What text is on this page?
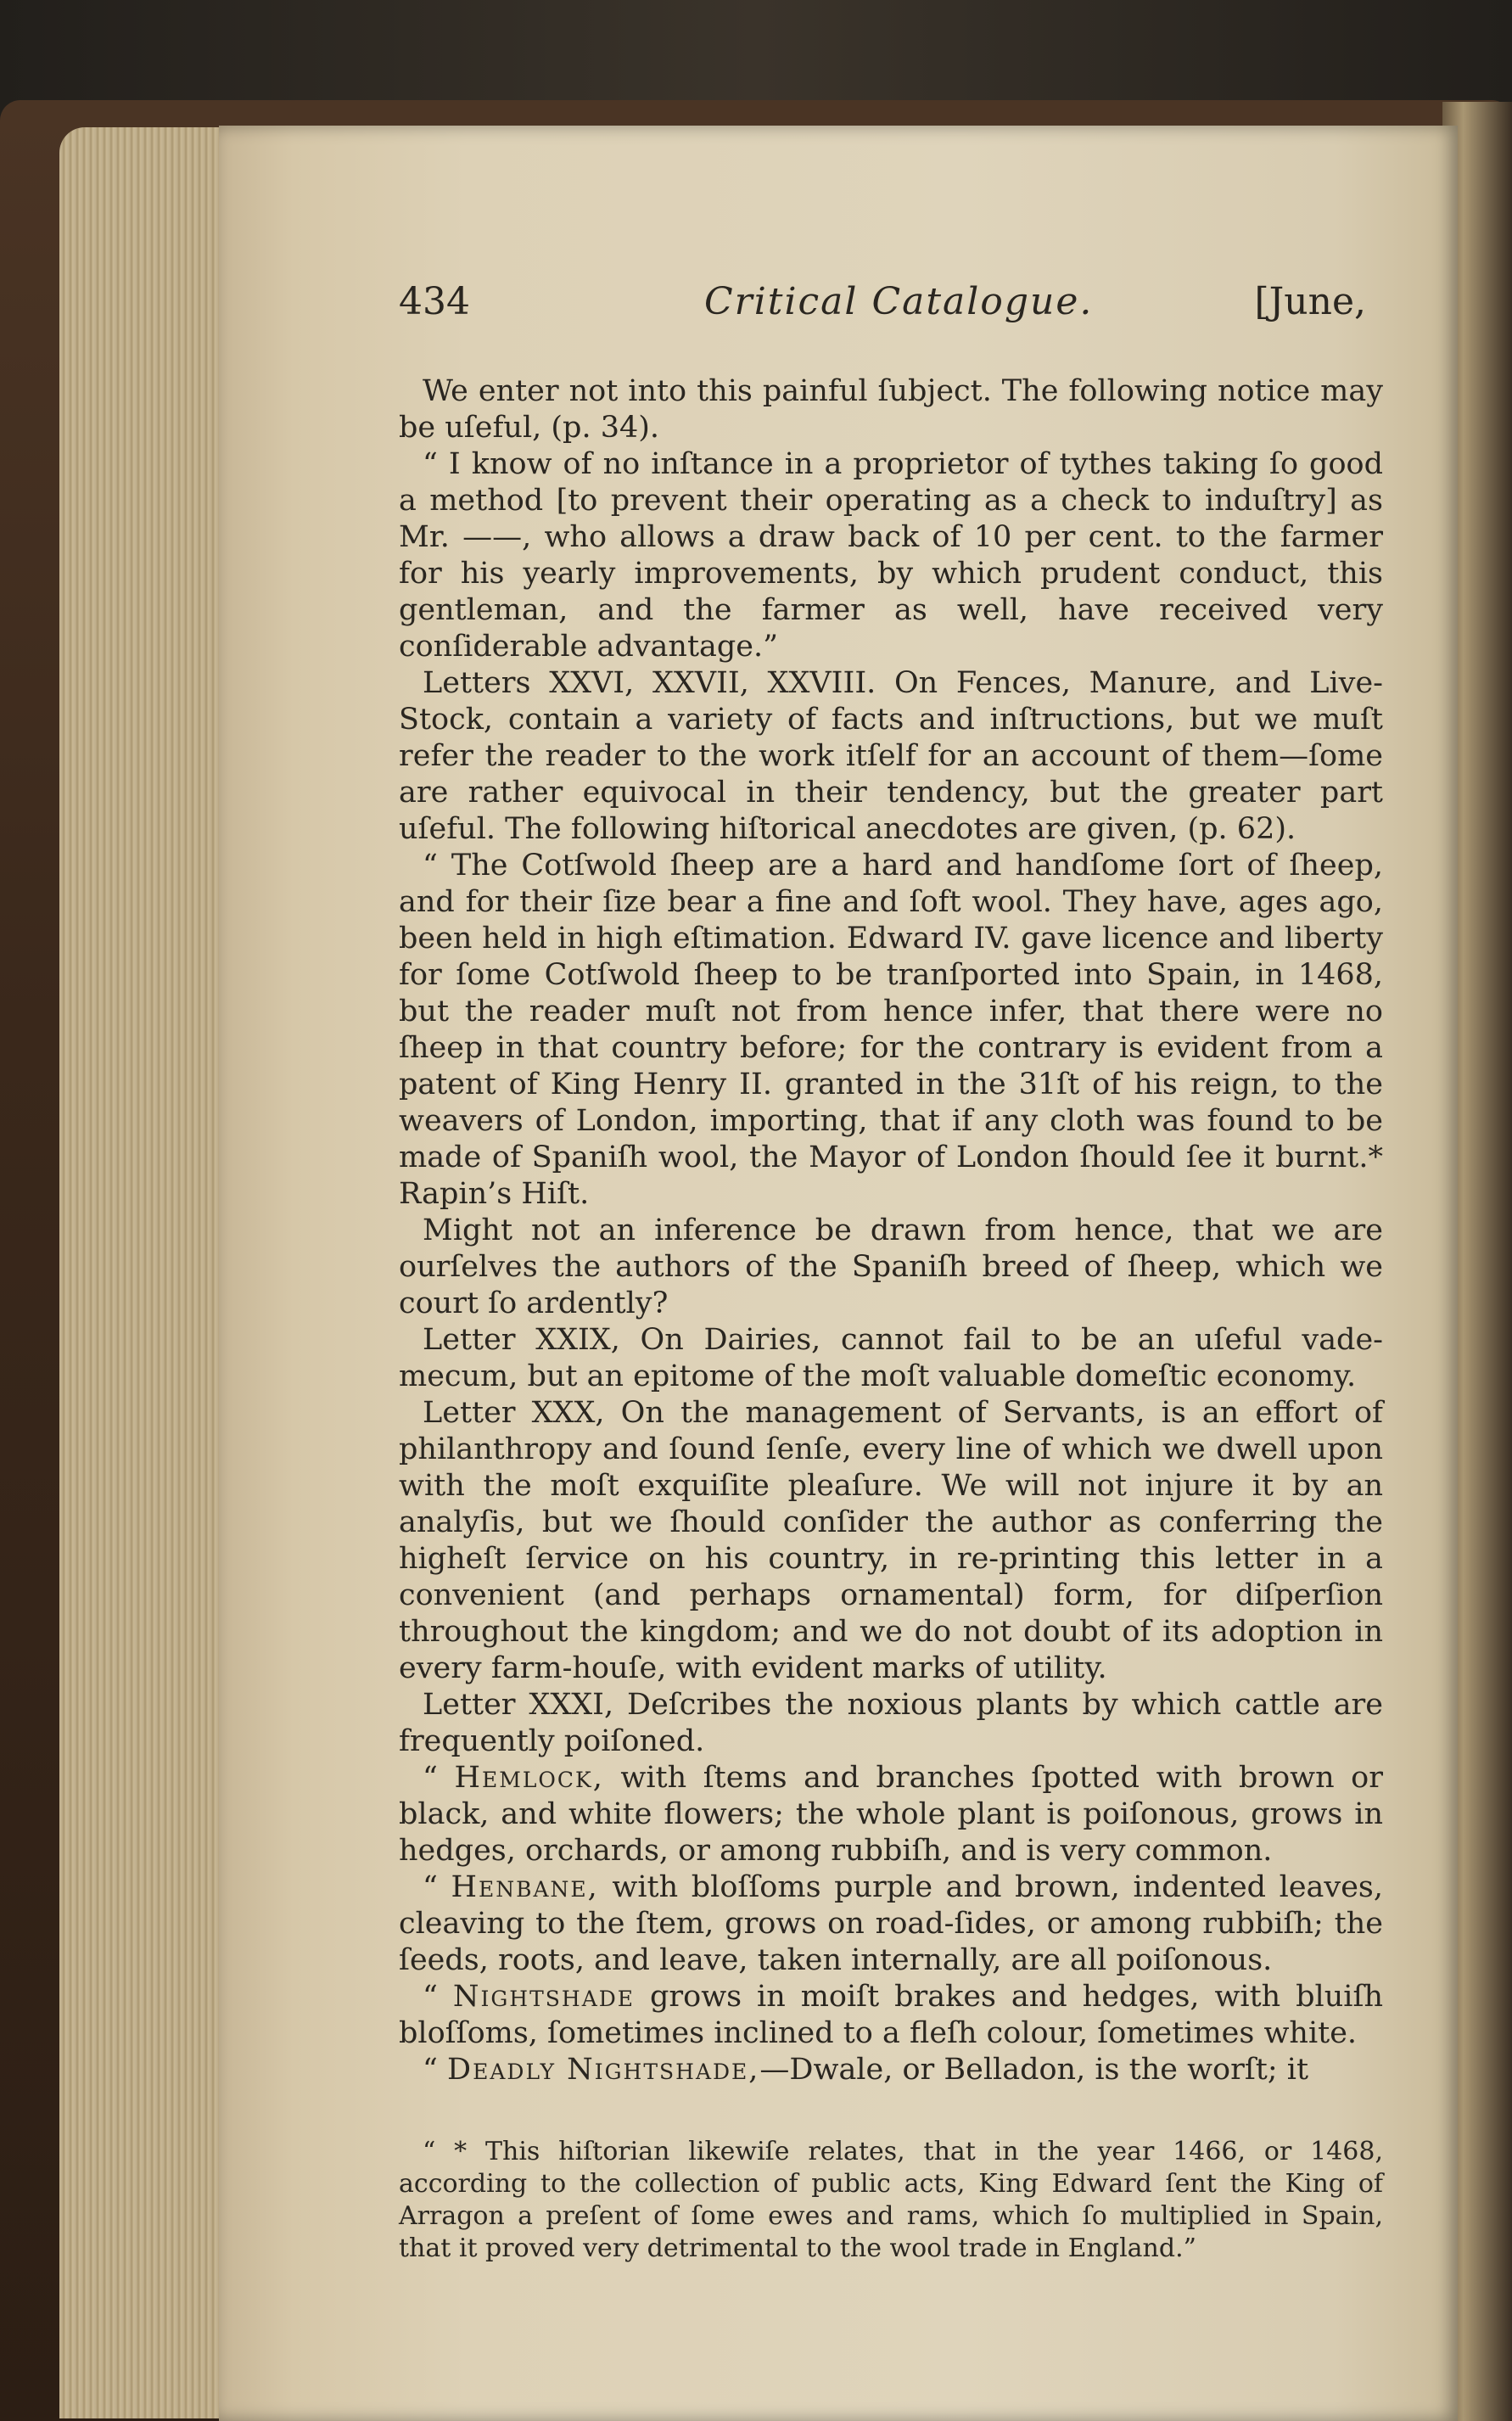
434	Critical Catalogue.	[June,

We enter not into this painful ſubject. The following notice may be uſeful, (p. 34).

“ I know of no inſtance in a proprietor of tythes taking ſo good a method [to prevent their operating as a check to induſtry] as Mr. ——, who allows a draw back of 10 per cent. to the farmer for his yearly improvements, by which prudent conduct, this gentleman, and the farmer as well, have received very conſiderable advantage.”

Letters XXVI, XXVII, XXVIII. On Fences, Manure, and Live-Stock, contain a variety of facts and inſtructions, but we muſt refer the reader to the work itſelf for an account of them—ſome are rather equivocal in their tendency, but the greater part uſeful. The following hiſtorical anecdotes are given, (p. 62).

“ The Cotſwold ſheep are a hard and handſome ſort of ſheep, and for their ſize bear a fine and ſoft wool. They have, ages ago, been held in high eſtimation. Edward IV. gave licence and liberty for ſome Cotſwold ſheep to be tranſported into Spain, in 1468, but the reader muſt not from hence infer, that there were no ſheep in that country before; for the contrary is evident from a patent of King Henry II. granted in the 31ſt of his reign, to the weavers of London, importing, that if any cloth was found to be made of Spaniſh wool, the Mayor of London ſhould ſee it burnt.* Rapin’s Hiſt.

Might not an inference be drawn from hence, that we are ourſelves the authors of the Spaniſh breed of ſheep, which we court ſo ardently?

Letter XXIX, On Dairies, cannot fail to be an uſeful vade-mecum, but an epitome of the moſt valuable domeſtic economy.

Letter XXX, On the management of Servants, is an effort of philanthropy and ſound ſenſe, every line of which we dwell upon with the moſt exquiſite pleaſure. We will not injure it by an analyſis, but we ſhould conſider the author as conferring the higheſt ſervice on his country, in re-printing this letter in a convenient (and perhaps ornamental) form, for diſperſion throughout the kingdom; and we do not doubt of its adoption in every farm-houſe, with evident marks of utility.

Letter XXXI, Deſcribes the noxious plants by which cattle are frequently poiſoned.

“ Hemlock, with ſtems and branches ſpotted with brown or black, and white flowers; the whole plant is poiſonous, grows in hedges, orchards, or among rubbiſh, and is very common.

“ Henbane, with bloſſoms purple and brown, indented leaves, cleaving to the ſtem, grows on road-ſides, or among rubbiſh; the ſeeds, roots, and leave, taken internally, are all poiſonous.

“ Nightshade grows in moiſt brakes and hedges, with bluiſh bloſſoms, ſometimes inclined to a fleſh colour, ſometimes white.

“ Deadly Nightshade,—Dwale, or Belladon, is the worſt; it

“ * This hiſtorian likewiſe relates, that in the year 1466, or 1468, according to the collection of public acts, King Edward ſent the King of Arragon a preſent of ſome ewes and rams, which ſo multiplied in Spain, that it proved very detrimental to the wool trade in England.”
